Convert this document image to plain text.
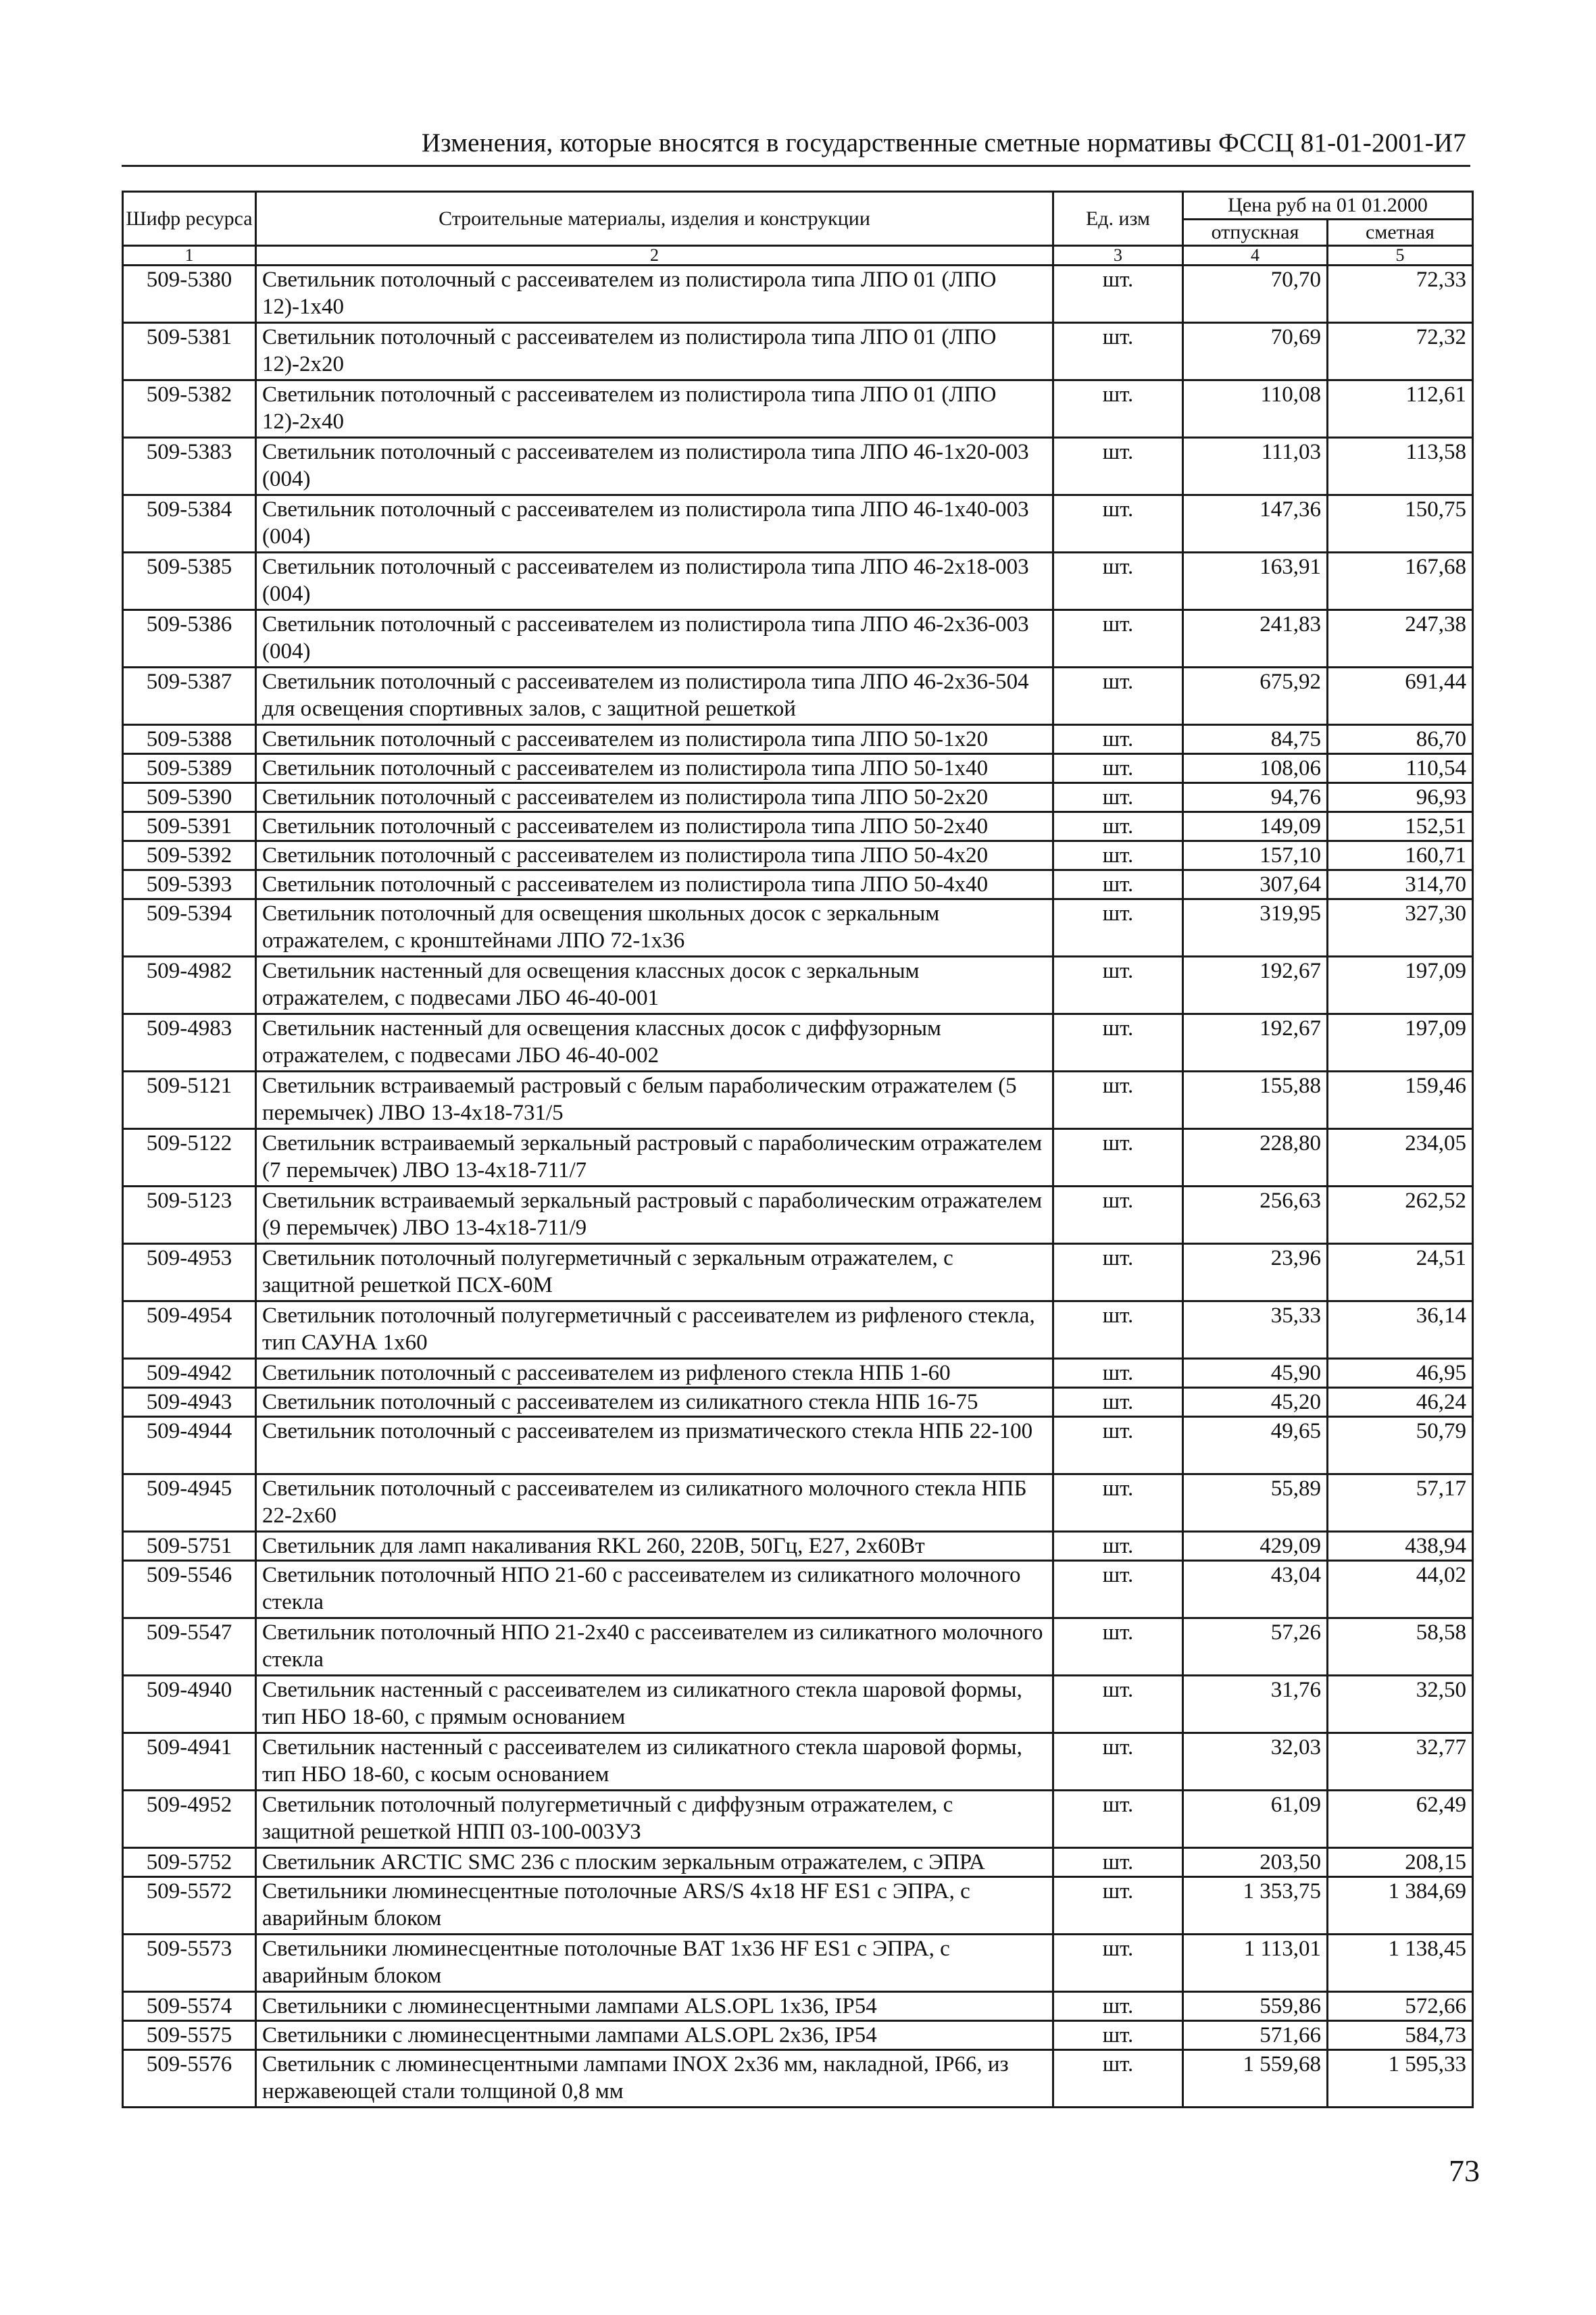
Изменения, которые вносятся в государственные сметные нормативы ФССЦ 81-01-2001-И7
Шифр ресурса	Строительные материалы, изделия и конструкции	Ед. изм	Цена руб на 01 01.2000	
			отпускная	сметная
1	2	3	4	5
509-5380	Светильник потолочный с рассеивателем из полистирола типа ЛПО 01 (ЛПО 12)-1х40	шт.	70,70	72,33
509-5381	Светильник потолочный с рассеивателем из полистирола типа ЛПО 01 (ЛПО 12)-2х20	шт.	70,69	72,32
509-5382	Светильник потолочный с рассеивателем из полистирола типа ЛПО 01 (ЛПО 12)-2х40	шт.	110,08	112,61
509-5383	Светильник потолочный с рассеивателем из полистирола типа ЛПО 46-1х20-003 (004)	шт.	111,03	113,58
509-5384	Светильник потолочный с рассеивателем из полистирола типа ЛПО 46-1х40-003 (004)	шт.	147,36	150,75
509-5385	Светильник потолочный с рассеивателем из полистирола типа ЛПО 46-2х18-003 (004)	шт.	163,91	167,68
509-5386	Светильник потолочный с рассеивателем из полистирола типа ЛПО 46-2х36-003 (004)	шт.	241,83	247,38
509-5387	Светильник потолочный с рассеивателем из полистирола типа ЛПО 46-2х36-504 для освещения спортивных залов, с защитной решеткой	шт.	675,92	691,44
509-5388	Светильник потолочный с рассеивателем из полистирола типа ЛПО 50-1х20	шт.	84,75	86,70
509-5389	Светильник потолочный с рассеивателем из полистирола типа ЛПО 50-1х40	шт.	108,06	110,54
509-5390	Светильник потолочный с рассеивателем из полистирола типа ЛПО 50-2х20	шт.	94,76	96,93
509-5391	Светильник потолочный с рассеивателем из полистирола типа ЛПО 50-2х40	шт.	149,09	152,51
509-5392	Светильник потолочный с рассеивателем из полистирола типа ЛПО 50-4х20	шт.	157,10	160,71
509-5393	Светильник потолочный с рассеивателем из полистирола типа ЛПО 50-4х40	шт.	307,64	314,70
509-5394	Светильник потолочный для освещения школьных досок с зеркальным отражателем, с кронштейнами ЛПО 72-1х36	шт.	319,95	327,30
509-4982	Светильник настенный для освещения классных досок с зеркальным отражателем, с подвесами ЛБО 46-40-001	шт.	192,67	197,09
509-4983	Светильник настенный для освещения классных досок с диффузорным отражателем, с подвесами ЛБО 46-40-002	шт.	192,67	197,09
509-5121	Светильник встраиваемый растровый с белым параболическим отражателем (5 перемычек) ЛВО 13-4х18-731/5	шт.	155,88	159,46
509-5122	Светильник встраиваемый зеркальный растровый с параболическим отражателем (7 перемычек) ЛВО 13-4х18-711/7	шт.	228,80	234,05
509-5123	Светильник встраиваемый зеркальный растровый с параболическим отражателем (9 перемычек) ЛВО 13-4х18-711/9	шт.	256,63	262,52
509-4953	Светильник потолочный полугерметичный с зеркальным отражателем, с защитной решеткой ПСХ-60М	шт.	23,96	24,51
509-4954	Светильник потолочный полугерметичный с рассеивателем из рифленого стекла, тип САУНА 1х60	шт.	35,33	36,14
509-4942	Светильник потолочный с рассеивателем из рифленого стекла НПБ 1-60	шт.	45,90	46,95
509-4943	Светильник потолочный с рассеивателем из силикатного стекла НПБ 16-75	шт.	45,20	46,24
509-4944	Светильник потолочный с рассеивателем из призматического стекла НПБ 22-100	шт.	49,65	50,79
509-4945	Светильник потолочный с рассеивателем из силикатного молочного стекла НПБ 22-2х60	шт.	55,89	57,17
509-5751	Светильник для ламп накаливания RKL 260, 220В, 50Гц, E27, 2х60Вт	шт.	429,09	438,94
509-5546	Светильник потолочный НПО 21-60 с рассеивателем из силикатного молочного стекла	шт.	43,04	44,02
509-5547	Светильник потолочный НПО 21-2х40 с рассеивателем из силикатного молочного стекла	шт.	57,26	58,58
509-4940	Светильник настенный с рассеивателем из силикатного стекла шаровой формы, тип НБО 18-60, с прямым основанием	шт.	31,76	32,50
509-4941	Светильник настенный с рассеивателем из силикатного стекла шаровой формы, тип НБО 18-60, с косым основанием	шт.	32,03	32,77
509-4952	Светильник потолочный полугерметичный с диффузным отражателем, с защитной решеткой НПП 03-100-003УЗ	шт.	61,09	62,49
509-5752	Светильник ARCTIC SMC 236 с плоским зеркальным отражателем, с ЭПРА	шт.	203,50	208,15
509-5572	Светильники люминесцентные потолочные ARS/S 4х18 HF ES1 с ЭПРА, с аварийным блоком	шт.	1 353,75	1 384,69
509-5573	Светильники люминесцентные потолочные BAT 1х36 HF ES1 с ЭПРА, с аварийным блоком	шт.	1 113,01	1 138,45
509-5574	Светильники с люминесцентными лампами ALS.OPL 1х36, IP54	шт.	559,86	572,66
509-5575	Светильники с люминесцентными лампами ALS.OPL 2х36, IP54	шт.	571,66	584,73
509-5576	Светильник с люминесцентными лампами INOX 2х36 мм, накладной, IP66, из нержавеющей стали толщиной 0,8 мм	шт.	1 559,68	1 595,33
73
